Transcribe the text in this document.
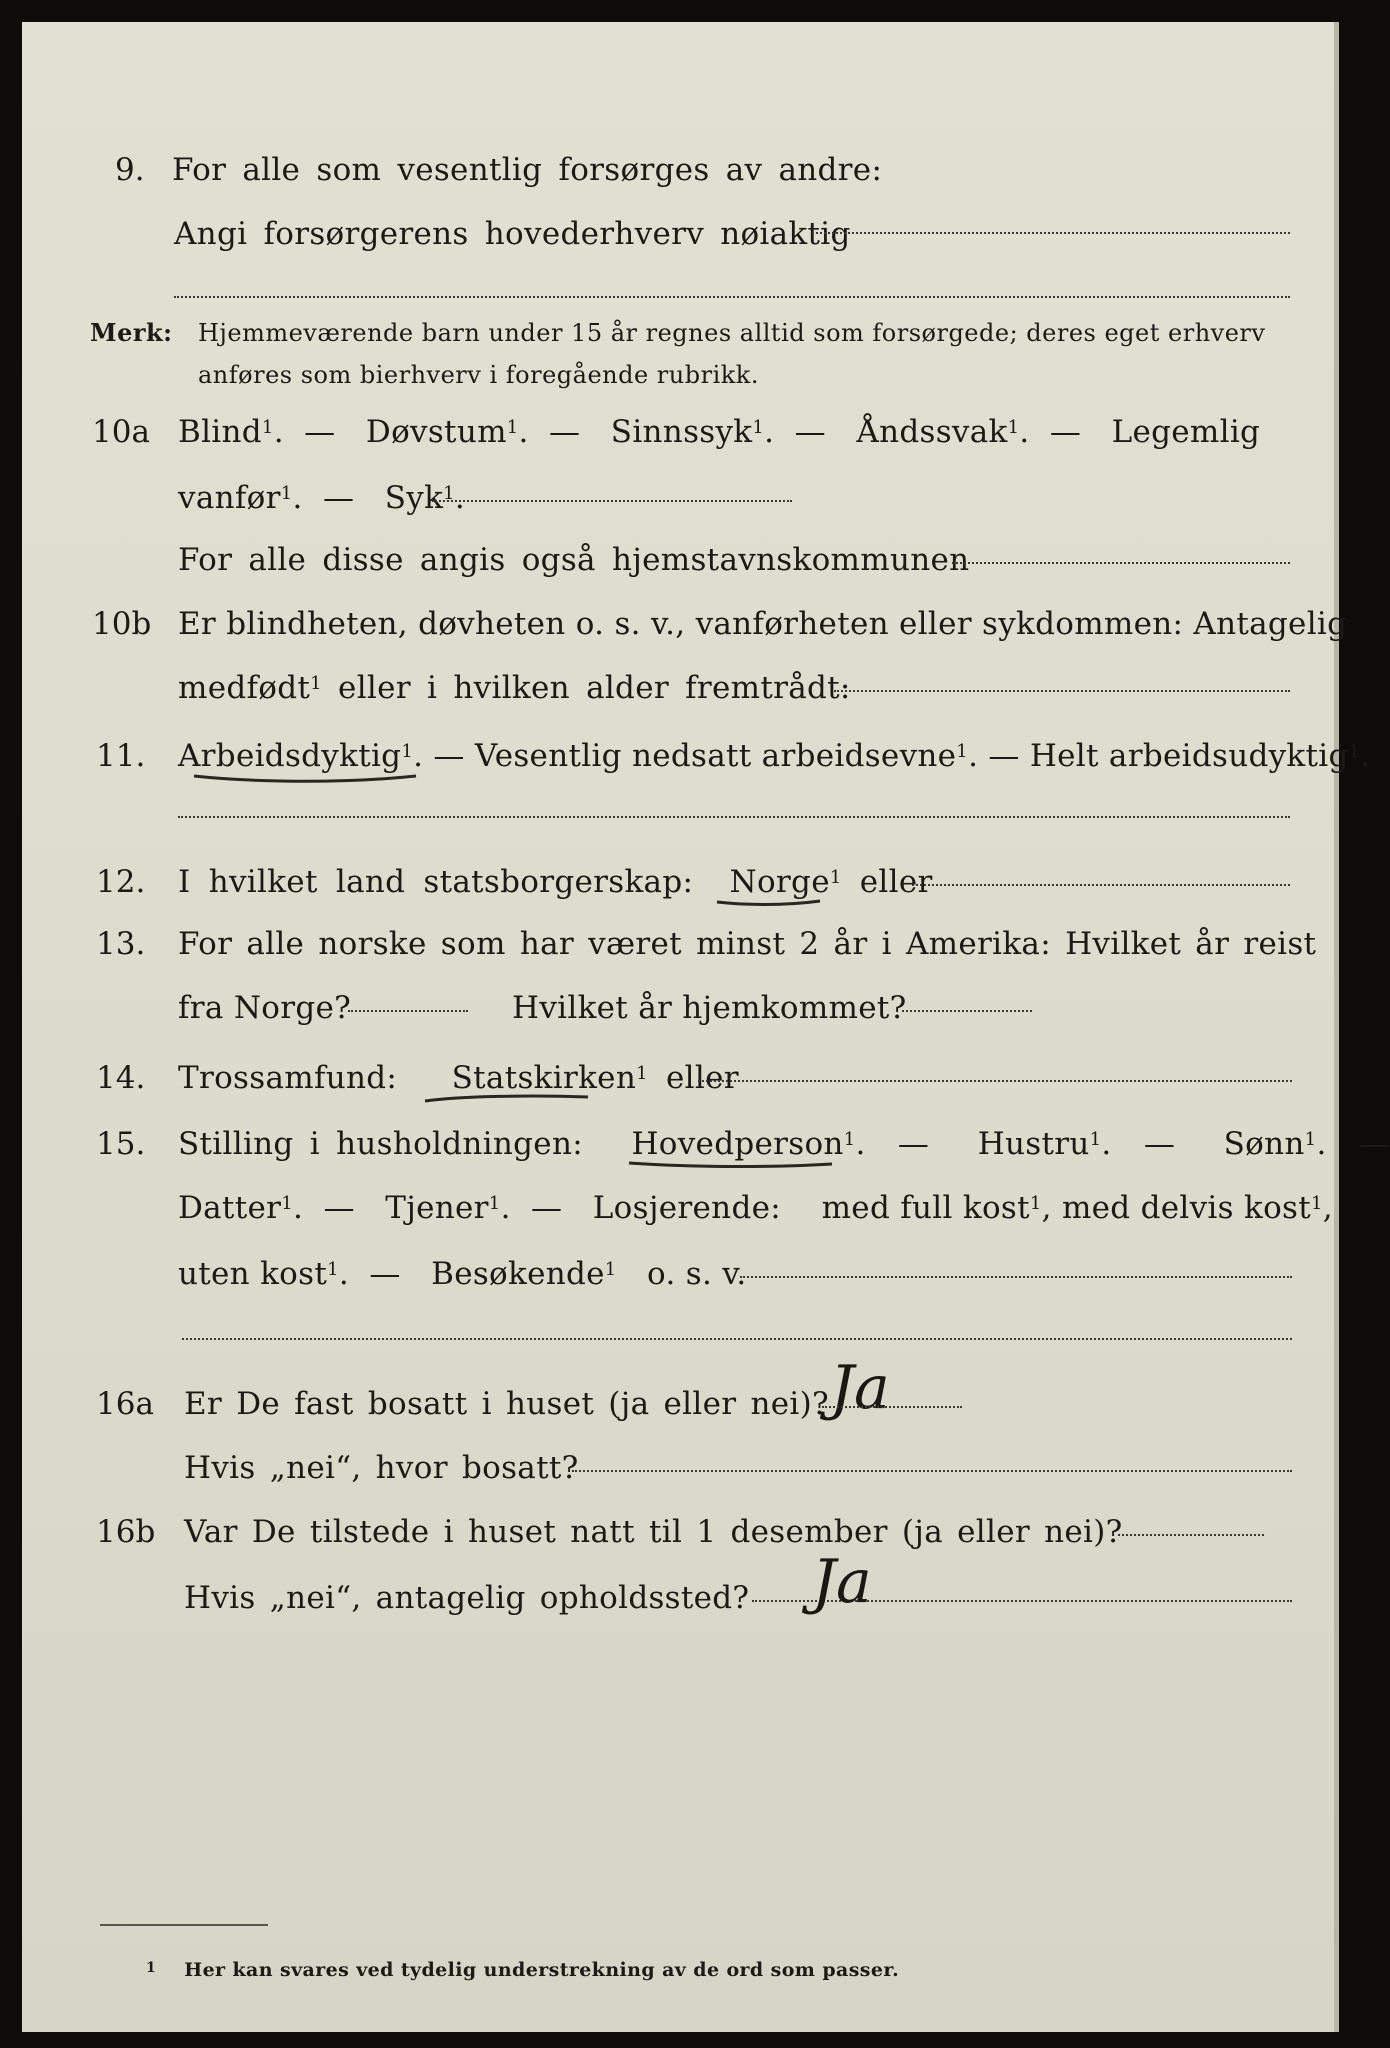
9. For alle som vesentlig forsørges av andre:
Angi forsørgerens hovederhverv nøiaktig
Merk: Hjemmeværende barn under 15 år regnes alltid som forsørgede; deres eget erhverv
anføres som bierhverv i foregående rubrikk.
10a Blind$^1$.  —   Døvstum$^1$.  —   Sinnssyk$^1$.  —   Åndssvak$^1$.  —   Legemlig
vanfør$^1$.  —   Syk$^1$.
For alle disse angis også hjemstavnskommunen
10b Er blindheten, døvheten o. s. v., vanførheten eller sykdommen: Antagelig
medfødt$^1$ eller i hvilken alder fremtrådt:
11. Arbeidsdyktig$^1$. — Vesentlig nedsatt arbeidsevne$^1$. — Helt arbeidsudyktig$^1$.
12. I hvilket land statsborgerskap: Norge$^1$ eller
13. For alle norske som har været minst 2 år i Amerika: Hvilket år reist
fra Norge?	Hvilket år hjemkommet?
14. Trossamfund: Statskirken$^1$ eller
15. Stilling i husholdningen: Hovedperson$^1$.  —   Hustru$^1$.  —   Sønn$^1$.  —
Datter$^1$.  —   Tjener$^1$.  —   Losjerende: med full kost$^1$, med delvis kost$^1$,
uten kost$^1$.  —   Besøkende$^1$ o. s. v.
16a Er De fast bosatt i huset (ja eller nei)? Ja
Hvis „nei“, hvor bosatt?
16b Var De tilstede i huset natt til 1 desember (ja eller nei)?
Hvis „nei“, antagelig opholdssted? Ja
$^1$ Her kan svares ved tydelig understrekning av de ord som passer.
